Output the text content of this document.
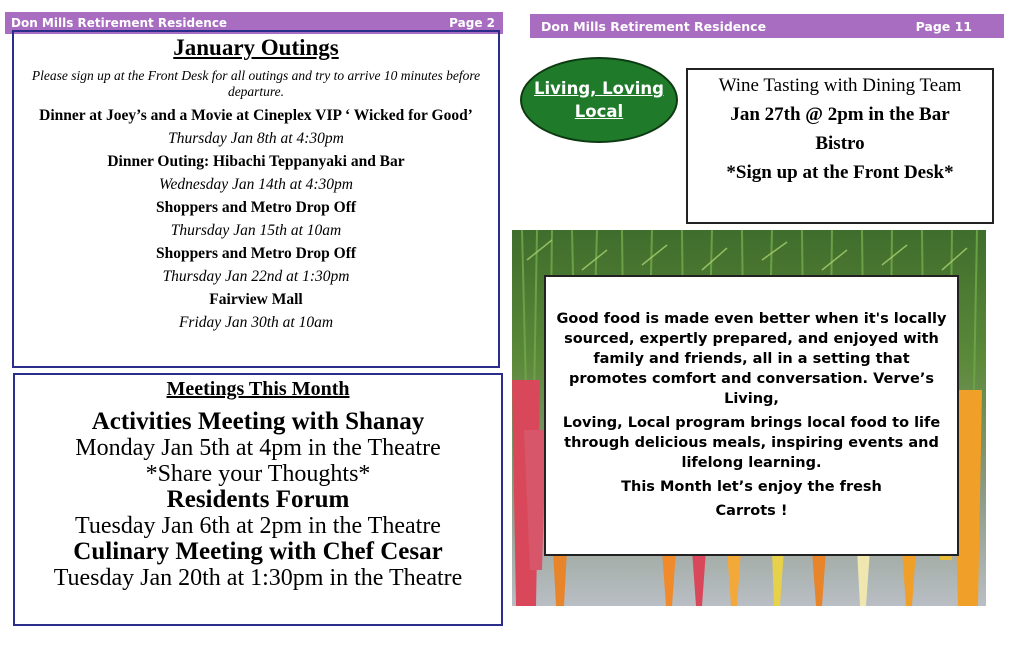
Don Mills Retirement Residence	Page 2	Don Mills Retirement Residence	Page 11
January Outings
Please sign up at the Front Desk for all outings and try to arrive 10 minutes before departure.
Dinner at Joey’s and a Movie at Cineplex VIP ‘ Wicked for Good’
Thursday Jan 8th at 4:30pm
Dinner Outing: Hibachi Teppanyaki and Bar
Wednesday Jan 14th at 4:30pm
Shoppers and Metro Drop Off
Thursday Jan 15th at 10am
Shoppers and Metro Drop Off
Thursday Jan 22nd at 1:30pm
Fairview Mall
Friday Jan 30th at 10am
Meetings This Month
Activities Meeting with Shanay
Monday Jan 5th at 4pm in the Theatre
*Share your Thoughts*
Residents Forum
Tuesday Jan 6th at 2pm in the Theatre
Culinary Meeting with Chef Cesar
Tuesday Jan 20th at 1:30pm in the Theatre
Living, Loving
Local
Wine Tasting with Dining Team
Jan 27th @ 2pm in the Bar
Bistro
*Sign up at the Front Desk*

Good food is made even better when it's locally sourced, expertly prepared, and enjoyed with family and friends, all in a setting that promotes comfort and conversation. Verve’s Living,

Loving, Local program brings local food to life through delicious meals, inspiring events and lifelong learning.

This Month let’s enjoy the fresh

Carrots !
